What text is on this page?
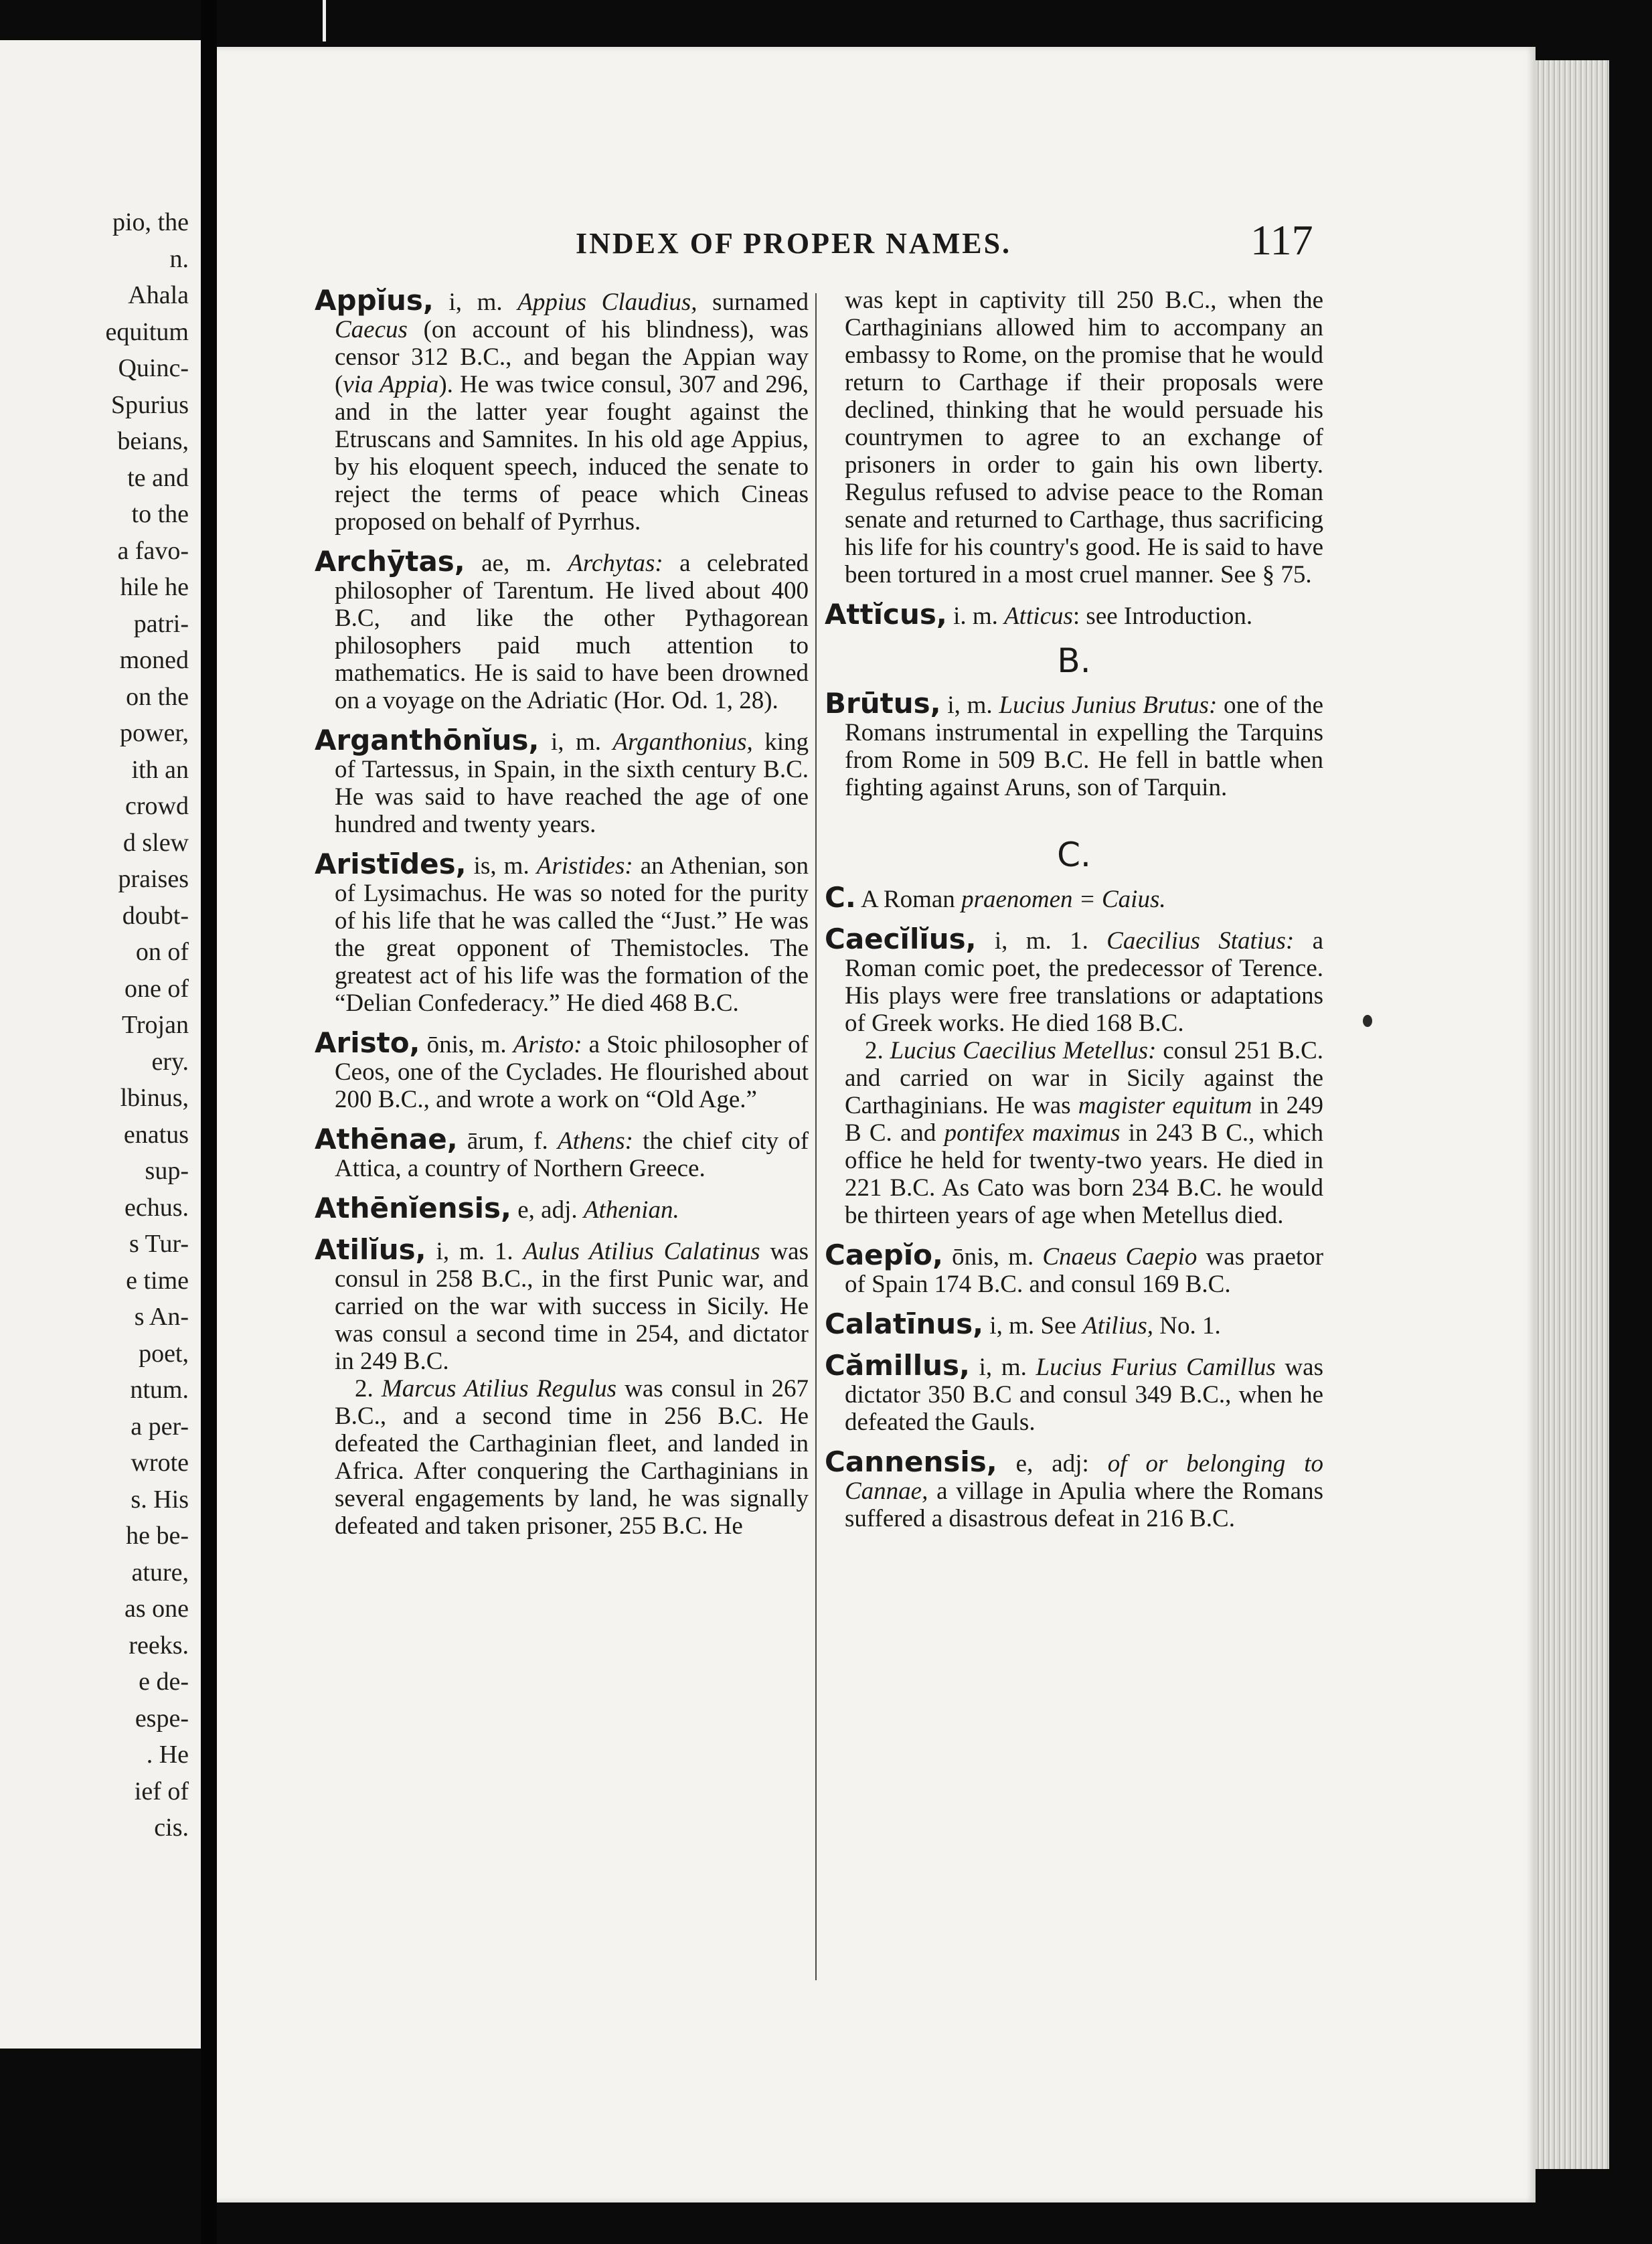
pio, the
n.
Ahala
equitum
Quinc-
Spurius
beians,
te and
to the
a favo-
hile he
patri-
moned
on the
power,
ith an
crowd
d slew
praises
doubt-
on of
one of
Trojan
ery.
lbinus,
enatus
sup-
echus.
s Tur-
e time
s An-
poet,
ntum.
a per-
wrote
s. His
he be-
ature,
as one
reeks.
e de-
espe-
. He
ief of
cis.
INDEX OF PROPER NAMES.	117

Appĭus, i, m. Appius Claudius, surnamed Caecus (on account of his blindness), was censor 312 B.C., and began the Appian way (via Appia). He was twice consul, 307 and 296, and in the latter year fought against the Etruscans and Samnites. In his old age Appius, by his eloquent speech, induced the senate to reject the terms of peace which Cineas proposed on behalf of Pyrrhus.

Archȳtas, ae, m. Archytas: a celebrated philosopher of Tarentum. He lived about 400 B.C, and like the other Pythagorean philosophers paid much attention to mathematics. He is said to have been drowned on a voyage on the Adriatic (Hor. Od. 1, 28).

Arganthōnĭus, i, m. Arganthonius, king of Tartessus, in Spain, in the sixth century B.C. He was said to have reached the age of one hundred and twenty years.

Aristīdes, is, m. Aristides: an Athenian, son of Lysimachus. He was so noted for the purity of his life that he was called the “Just.” He was the great opponent of Themistocles. The greatest act of his life was the formation of the “Delian Confederacy.” He died 468 B.C.

Aristo, ōnis, m. Aristo: a Stoic philosopher of Ceos, one of the Cyclades. He flourished about 200 B.C., and wrote a work on “Old Age.”

Athēnae, ārum, f. Athens: the chief city of Attica, a country of Northern Greece.

Athēnĭensis, e, adj. Athenian.

Atilĭus, i, m. 1. Aulus Atilius Calatinus was consul in 258 B.C., in the first Punic war, and carried on the war with success in Sicily. He was consul a second time in 254, and dictator in 249 B.C.

2. Marcus Atilius Regulus was consul in 267 B.C., and a second time in 256 B.C. He defeated the Carthaginian fleet, and landed in Africa. After conquering the Carthaginians in several engagements by land, he was signally defeated and taken prisoner, 255 B.C. He

was kept in captivity till 250 B.C., when the Carthaginians allowed him to accompany an embassy to Rome, on the promise that he would return to Carthage if their proposals were declined, thinking that he would persuade his countrymen to agree to an exchange of prisoners in order to gain his own liberty. Regulus refused to advise peace to the Roman senate and returned to Carthage, thus sacrificing his life for his country's good. He is said to have been tortured in a most cruel manner. See § 75.

Attĭcus, i. m. Atticus: see Introduction.

B.

Brūtus, i, m. Lucius Junius Brutus: one of the Romans instrumental in expelling the Tarquins from Rome in 509 B.C. He fell in battle when fighting against Aruns, son of Tarquin.

C.

C. A Roman praenomen = Caius.

Caecĭlĭus, i, m. 1. Caecilius Statius: a Roman comic poet, the predecessor of Terence. His plays were free translations or adaptations of Greek works. He died 168 B.C.

2. Lucius Caecilius Metellus: consul 251 B.C. and carried on war in Sicily against the Carthaginians. He was magister equitum in 249 B C. and pontifex maximus in 243 B C., which office he held for twenty-two years. He died in 221 B.C. As Cato was born 234 B.C. he would be thirteen years of age when Metellus died.

Caepĭo, ōnis, m. Cnaeus Caepio was praetor of Spain 174 B.C. and consul 169 B.C.

Calatīnus, i, m. See Atilius, No. 1.

Cămillus, i, m. Lucius Furius Camillus was dictator 350 B.C and consul 349 B.C., when he defeated the Gauls.

Cannensis, e, adj: of or belonging to Cannae, a village in Apulia where the Romans suffered a disastrous defeat in 216 B.C.
